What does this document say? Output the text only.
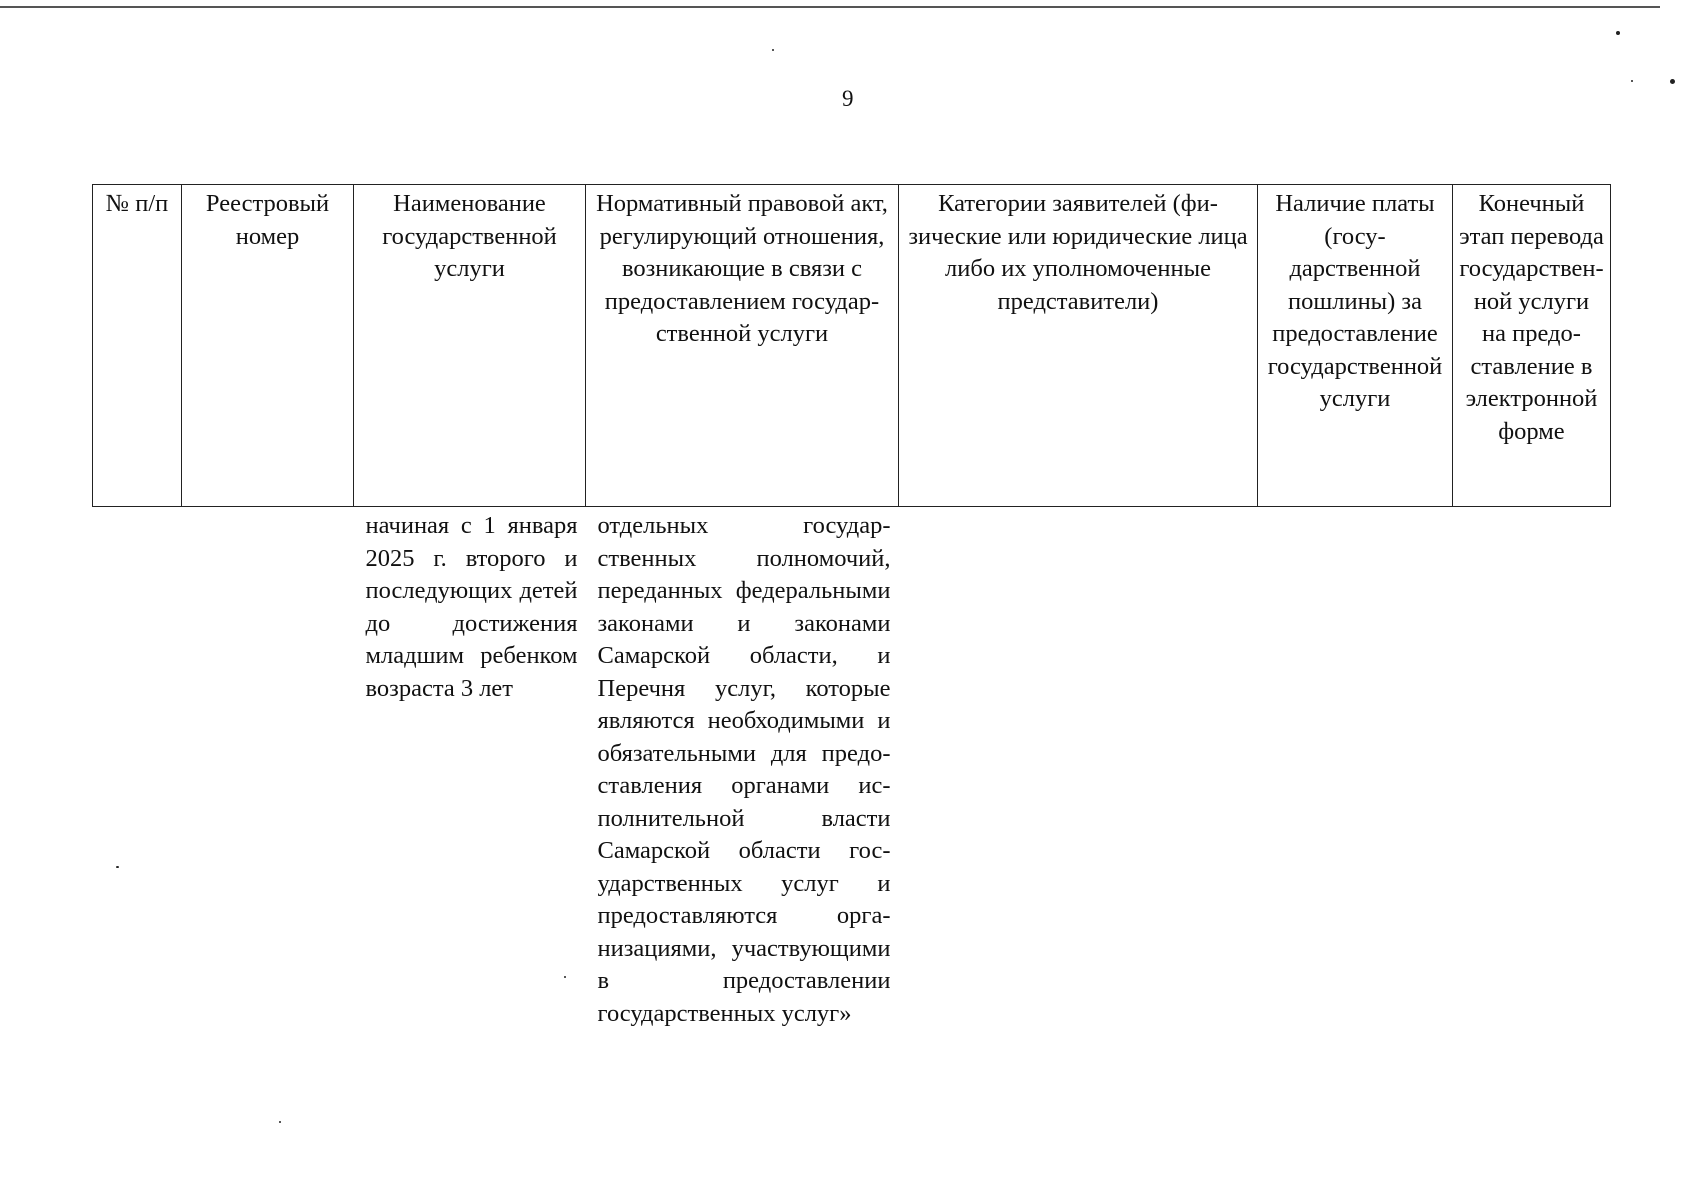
9
№ п/п	Реестровый номер	Наименование государственной услуги	Нормативный правовой акт, регулирующий отношения, возникающие в связи с предоставлением государственной услуги	Категории заявителей (физические или юридические лица либо их уполномоченные представители)	Наличие платы (государственной пошлины) за предоставление государственной услуги	Конечный этап перевода государственной услуги на предоставление в электронной форме
		начиная с 1 января 2025 г. второго и последующих детей до достижения младшим ребенком возраста 3 лет	отдельных государственных полномочий, переданных федеральными законами и законами Самарской области, и Перечня услуг, которые являются необходимыми и обязательными для предоставления органами исполнительной власти Самарской области государственных услуг и предоставляются организациями, участвующими в предоставлении государственных услуг»			
